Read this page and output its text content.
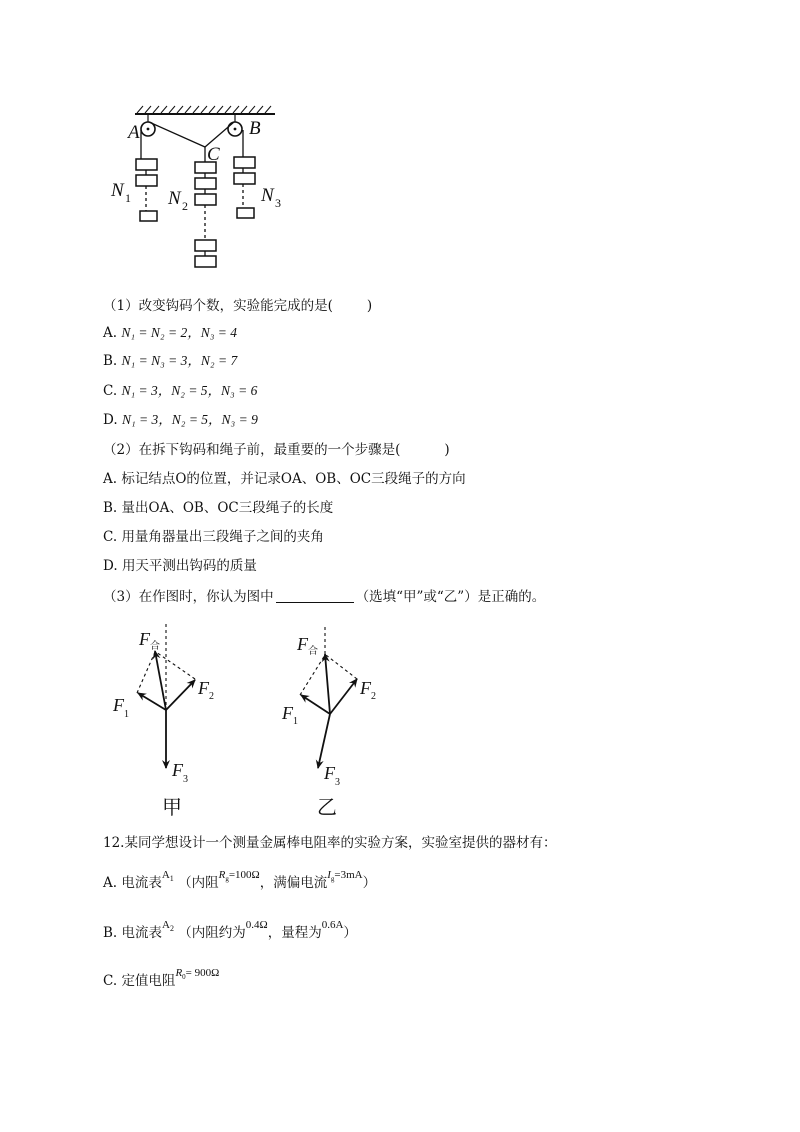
A	B
C
N 1 N 2	N 3
（1）改变钩码个数，实验能完成的是(	)
A. N₁ = N₂ = 2，N₃ = 4
B. N₁ = N₃ = 3，N₂ = 7
C. N₁ = 3，N₂ = 5，N₃ = 6
D. N₁ = 3，N₂ = 5，N₃ = 9
（2）在拆下钩码和绳子前，最重要的一个步骤是(	)
A. 标记结点O的位置，并记录OA、OB、OC三段绳子的方向
B. 量出OA、OB、OC三段绳子的长度
C. 用量角器量出三段绳子之间的夹角
D. 用天平测出钩码的质量
（3）在作图时，你认为图中	（选填“甲”或“乙”）是正确的。
F 合
F 1
F 2
F 3
甲
F 合
F 1
F 2
F 3
乙
12.某同学想设计一个测量金属棒电阻率的实验方案，实验室提供的器材有：
A. 电流表$^{A_1}$ （内阻$^{R_g=100\Omega}$，满偏电流$^{I_g=3mA}$）
B. 电流表$^{A_2}$ （内阻约为$^{0.4\Omega}$，量程为$^{0.6A}$）
C. 定值电阻$^{R_0= 900\Omega}$
